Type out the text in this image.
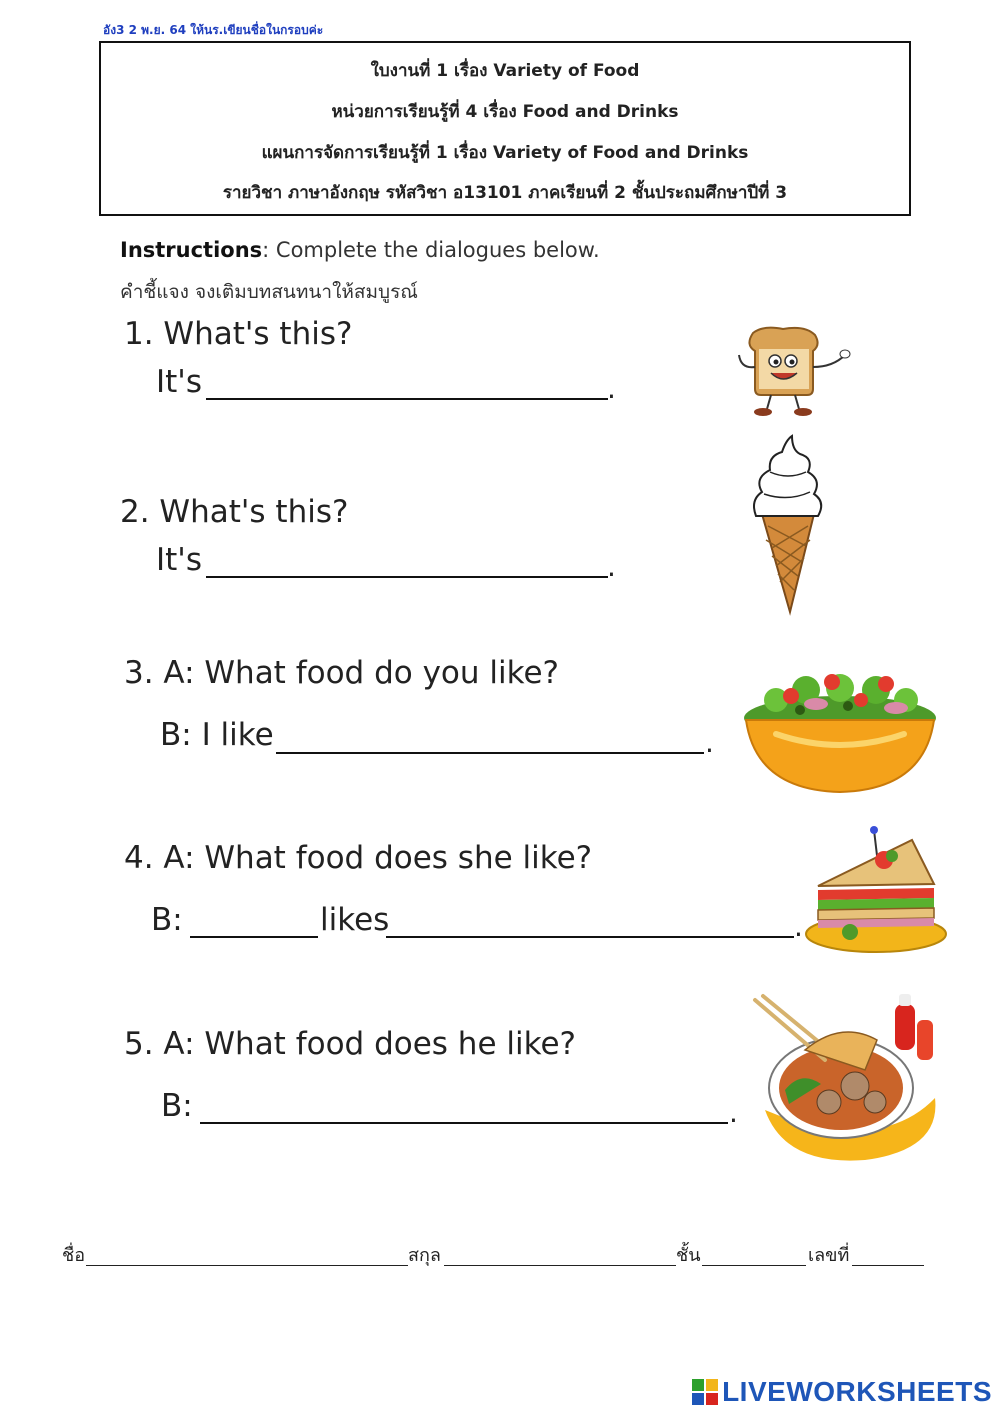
อัง3 2 พ.ย. 64 ให้นร.เขียนชื่อในกรอบค่ะ
ใบงานที่ 1 เรื่อง Variety of Food
หน่วยการเรียนรู้ที่ 4 เรื่อง Food and Drinks
แผนการจัดการเรียนรู้ที่ 1 เรื่อง Variety of Food and Drinks
รายวิชา ภาษาอังกฤษ รหัสวิชา อ13101 ภาคเรียนที่ 2 ชั้นประถมศึกษาปีที่ 3
Instructions: Complete the dialogues below.
คำชี้แจง จงเติมบทสนทนาให้สมบูรณ์
1. What's this?
It's	.
2. What's this?
It's	.
3. A: What food do you like?
B: I like	.
4. A: What food does she like?
B:	likes	.
5. A: What food does he like?
B:	.
ชื่อ	สกุล	ชั้น	เลขที่
LIVEWORKSHEETS
